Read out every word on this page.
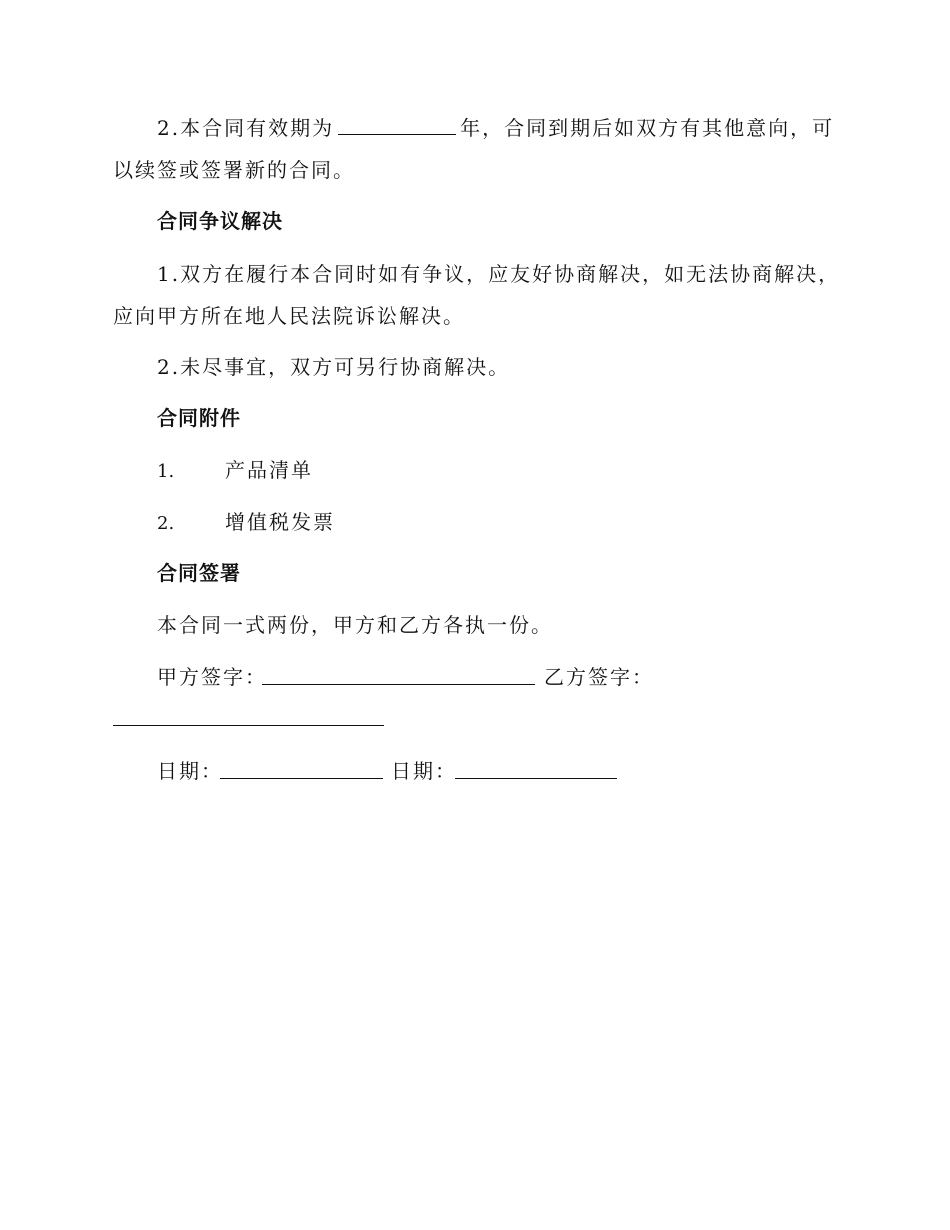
2.本合同有效期为	年，合同到期后如双方有其他意向，可
以续签或签署新的合同。
合同争议解决
1.双方在履行本合同时如有争议，应友好协商解决，如无法协商解决，
应向甲方所在地人民法院诉讼解决。
2.未尽事宜，双方可另行协商解决。
合同附件
1.	产品清单
2.	增值税发票
合同签署
本合同一式两份，甲方和乙方各执一份。
甲方签字：	乙方签字：
日期：	日期：
